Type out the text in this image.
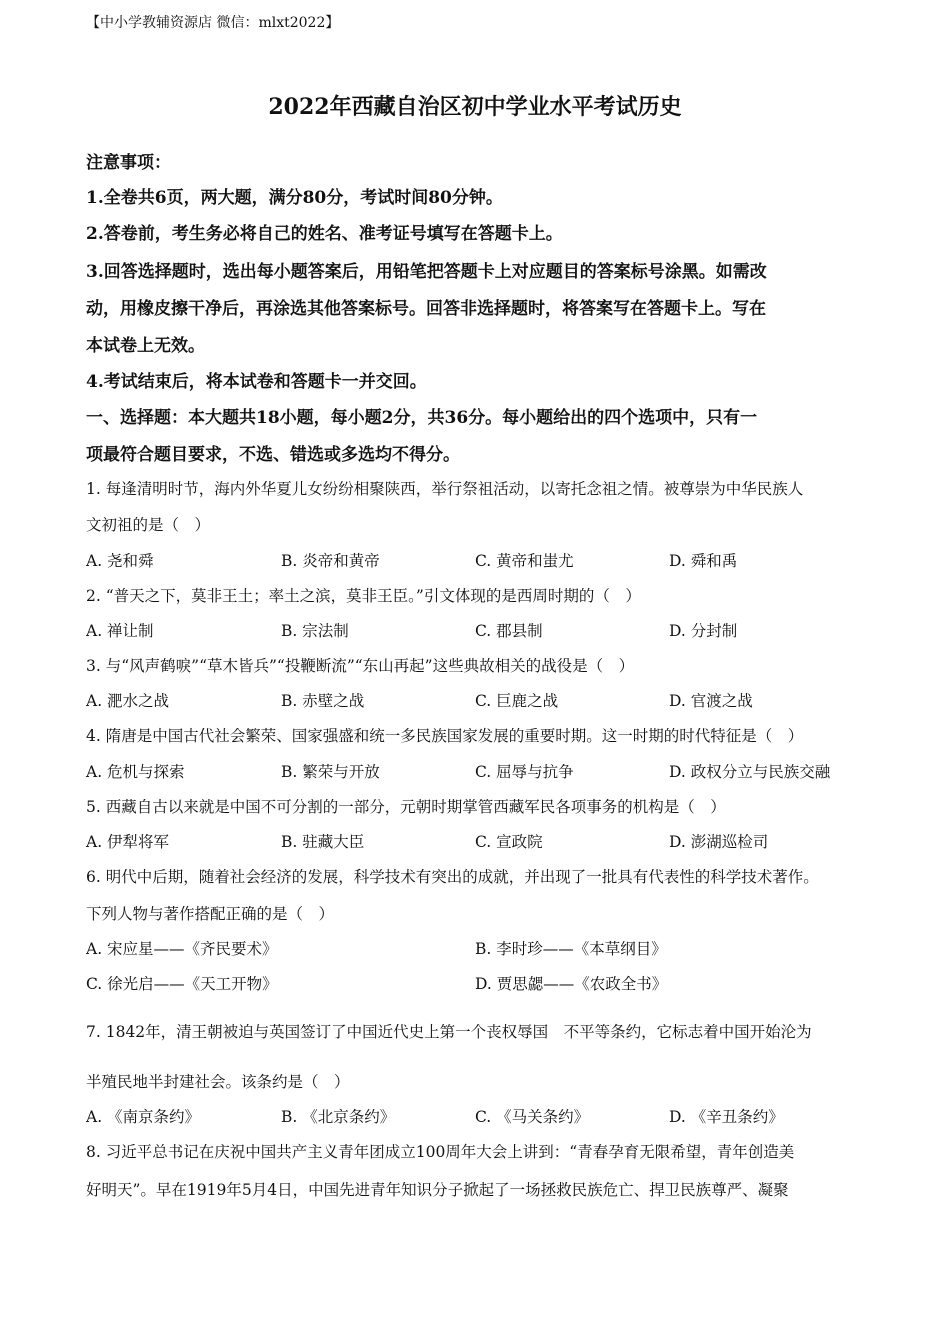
【中小学教辅资源店 微信：mlxt2022】
2022年西藏自治区初中学业水平考试历史
注意事项：
1.全卷共6页，两大题，满分80分，考试时间80分钟。
2.答卷前，考生务必将自己的姓名、准考证号填写在答题卡上。
3.回答选择题时，选出每小题答案后，用铅笔把答题卡上对应题目的答案标号涂黑。如需改
动，用橡皮擦干净后，再涂选其他答案标号。回答非选择题时，将答案写在答题卡上。写在
本试卷上无效。
4.考试结束后，将本试卷和答题卡一并交回。
一、选择题：本大题共18小题，每小题2分，共36分。每小题给出的四个选项中，只有一
项最符合题目要求，不选、错选或多选均不得分。
1. 每逢清明时节，海内外华夏儿女纷纷相聚陕西，举行祭祖活动，以寄托念祖之情。被尊崇为中华民族人
文初祖的是（　）
A. 尧和舜	B. 炎帝和黄帝	C. 黄帝和蚩尤	D. 舜和禹
2. “普天之下，莫非王土；率土之滨，莫非王臣。”引文体现的是西周时期的（　）
A. 禅让制	B. 宗法制	C. 郡县制	D. 分封制
3. 与“风声鹤唳”“草木皆兵”“投鞭断流”“东山再起”这些典故相关的战役是（　）
A. 淝水之战	B. 赤壁之战	C. 巨鹿之战	D. 官渡之战
4. 隋唐是中国古代社会繁荣、国家强盛和统一多民族国家发展的重要时期。这一时期的时代特征是（　）
A. 危机与探索	B. 繁荣与开放	C. 屈辱与抗争	D. 政权分立与民族交融
5. 西藏自古以来就是中国不可分割的一部分，元朝时期掌管西藏军民各项事务的机构是（　）
A. 伊犁将军	B. 驻藏大臣	C. 宣政院	D. 澎湖巡检司
6. 明代中后期，随着社会经济的发展，科学技术有突出的成就，并出现了一批具有代表性的科学技术著作。
下列人物与著作搭配正确的是（　）
A. 宋应星——《齐民要术》	B. 李时珍——《本草纲目》
C. 徐光启——《天工开物》	D. 贾思勰——《农政全书》
7. 1842年，清王朝被迫与英国签订了中国近代史上第一个丧权辱国　不平等条约，它标志着中国开始沦为
半殖民地半封建社会。该条约是（　）
A. 《南京条约》	B. 《北京条约》	C. 《马关条约》	D. 《辛丑条约》
8. 习近平总书记在庆祝中国共产主义青年团成立100周年大会上讲到：“青春孕育无限希望，青年创造美
好明天”。早在1919年5月4日，中国先进青年知识分子掀起了一场拯救民族危亡、捍卫民族尊严、凝聚
